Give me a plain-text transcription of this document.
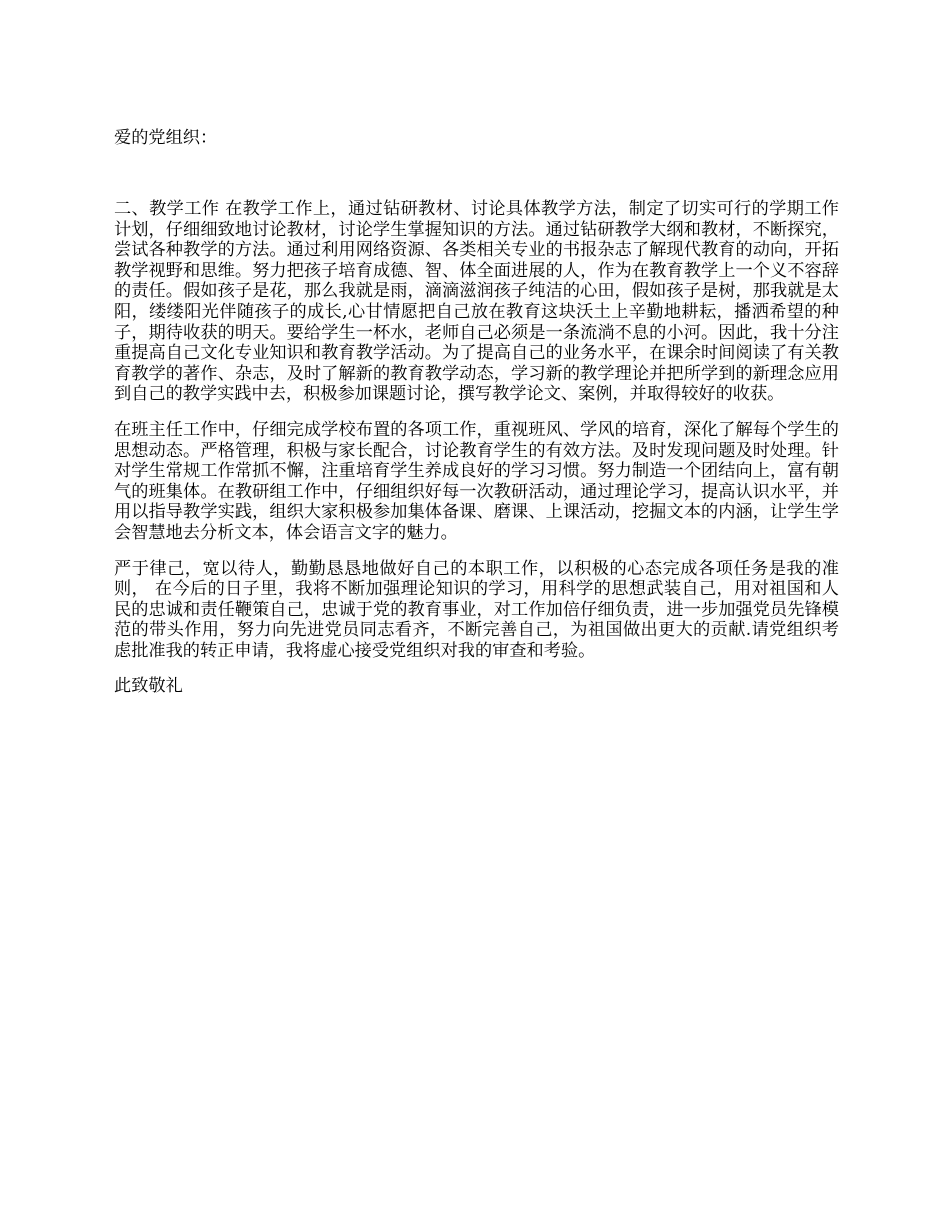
爱的党组织：

二、教学工作 在教学工作上，通过钻研教材、讨论具体教学方法，制定了切实可行的学期工作计划，仔细细致地讨论教材，讨论学生掌握知识的方法。通过钻研教学大纲和教材，不断探究，尝试各种教学的方法。通过利用网络资源、各类相关专业的书报杂志了解现代教育的动向，开拓教学视野和思维。努力把孩子培育成德、智、体全面进展的人，作为在教育教学上一个义不容辞的责任。假如孩子是花，那么我就是雨，滴滴滋润孩子纯洁的心田，假如孩子是树，那我就是太阳，缕缕阳光伴随孩子的成长,心甘情愿把自己放在教育这块沃土上辛勤地耕耘，播洒希望的种子，期待收获的明天。要给学生一杯水，老师自己必须是一条流淌不息的小河。因此，我十分注重提高自己文化专业知识和教育教学活动。为了提高自己的业务水平，在课余时间阅读了有关教育教学的著作、杂志，及时了解新的教育教学动态，学习新的教学理论并把所学到的新理念应用到自己的教学实践中去，积极参加课题讨论，撰写教学论文、案例，并取得较好的收获。

在班主任工作中，仔细完成学校布置的各项工作，重视班风、学风的培育，深化了解每个学生的思想动态。严格管理，积极与家长配合，讨论教育学生的有效方法。及时发现问题及时处理。针对学生常规工作常抓不懈，注重培育学生养成良好的学习习惯。努力制造一个团结向上，富有朝气的班集体。在教研组工作中，仔细组织好每一次教研活动，通过理论学习，提高认识水平，并用以指导教学实践，组织大家积极参加集体备课、磨课、上课活动，挖掘文本的内涵，让学生学会智慧地去分析文本，体会语言文字的魅力。

严于律己，宽以待人，勤勤恳恳地做好自己的本职工作，以积极的心态完成各项任务是我的准则， 在今后的日子里，我将不断加强理论知识的学习，用科学的思想武装自己，用对祖国和人民的忠诚和责任鞭策自己，忠诚于党的教育事业，对工作加倍仔细负责，进一步加强党员先锋模范的带头作用，努力向先进党员同志看齐，不断完善自己，为祖国做出更大的贡献.请党组织考虑批准我的转正申请，我将虚心接受党组织对我的审查和考验。

此致敬礼
